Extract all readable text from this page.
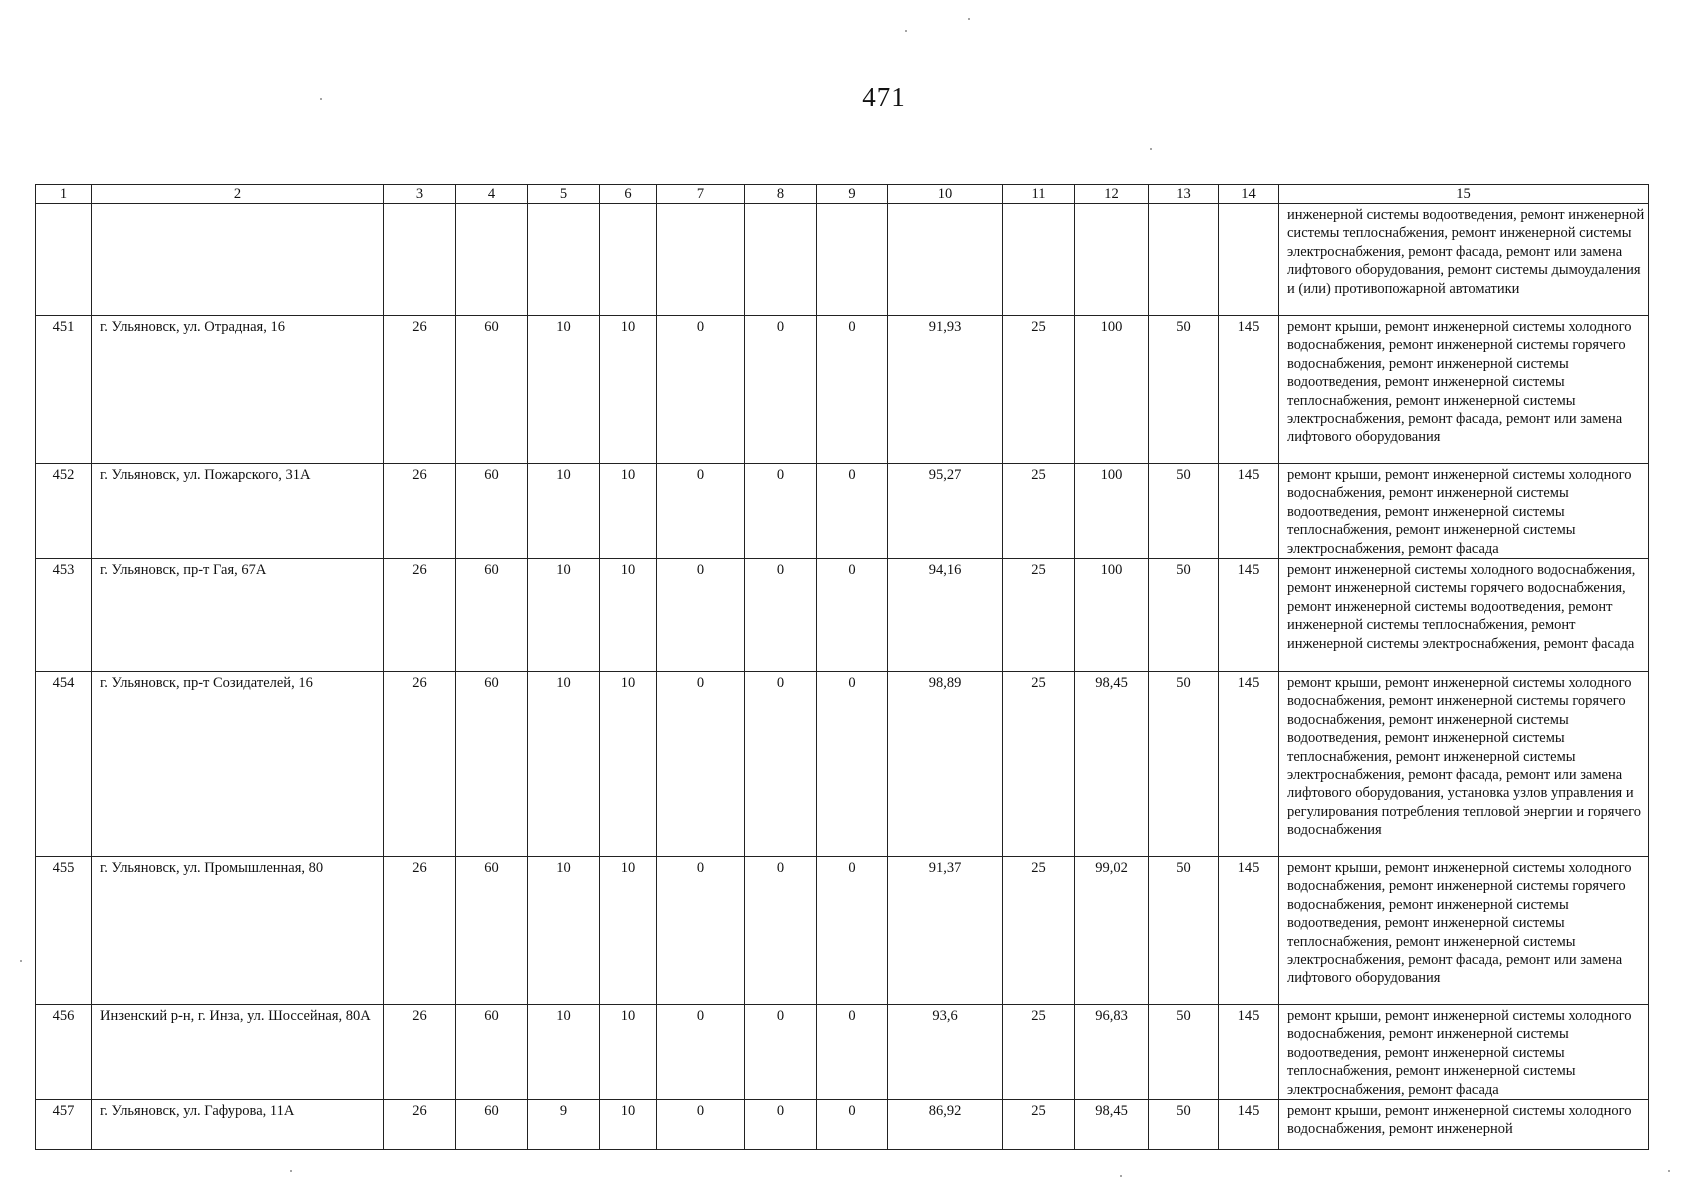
471
1	2	3	4	5	6	7	8	9	10	11	12	13	14	15
														инженерной системы водоотведения, ремонт инженерной системы теплоснабжения, ремонт инженерной системы электроснабжения, ремонт фасада, ремонт или замена лифтового оборудования, ремонт системы дымоудаления и (или) противопожарной автоматики
451	г. Ульяновск, ул. Отрадная, 16	26	60	10	10	0	0	0	91,93	25	100	50	145	ремонт крыши, ремонт инженерной системы холодного водоснабжения, ремонт инженерной системы горячего водоснабжения, ремонт инженерной системы водоотведения, ремонт инженерной системы теплоснабжения, ремонт инженерной системы электроснабжения, ремонт фасада, ремонт или замена лифтового оборудования
452	г. Ульяновск, ул. Пожарского, 31А	26	60	10	10	0	0	0	95,27	25	100	50	145	ремонт крыши, ремонт инженерной системы холодного водоснабжения, ремонт инженерной системы водоотведения, ремонт инженерной системы теплоснабжения, ремонт инженерной системы электроснабжения, ремонт фасада
453	г. Ульяновск, пр-т Гая, 67А	26	60	10	10	0	0	0	94,16	25	100	50	145	ремонт инженерной системы холодного водоснабжения, ремонт инженерной системы горячего водоснабжения, ремонт инженерной системы водоотведения, ремонт инженерной системы теплоснабжения, ремонт инженерной системы электроснабжения, ремонт фасада
454	г. Ульяновск, пр-т Созидателей, 16	26	60	10	10	0	0	0	98,89	25	98,45	50	145	ремонт крыши, ремонт инженерной системы холодного водоснабжения, ремонт инженерной системы горячего водоснабжения, ремонт инженерной системы водоотведения, ремонт инженерной системы теплоснабжения, ремонт инженерной системы электроснабжения, ремонт фасада, ремонт или замена лифтового оборудования, установка узлов управления и регулирования потребления тепловой энергии и горячего водоснабжения
455	г. Ульяновск, ул. Промышленная, 80	26	60	10	10	0	0	0	91,37	25	99,02	50	145	ремонт крыши, ремонт инженерной системы холодного водоснабжения, ремонт инженерной системы горячего водоснабжения, ремонт инженерной системы водоотведения, ремонт инженерной системы теплоснабжения, ремонт инженерной системы электроснабжения, ремонт фасада, ремонт или замена лифтового оборудования
456	Инзенский р-н, г. Инза, ул. Шоссейная, 80А	26	60	10	10	0	0	0	93,6	25	96,83	50	145	ремонт крыши, ремонт инженерной системы холодного водоснабжения, ремонт инженерной системы водоотведения, ремонт инженерной системы теплоснабжения, ремонт инженерной системы электроснабжения, ремонт фасада
457	г. Ульяновск, ул. Гафурова, 11А	26	60	9	10	0	0	0	86,92	25	98,45	50	145	ремонт крыши, ремонт инженерной системы холодного водоснабжения, ремонт инженерной
